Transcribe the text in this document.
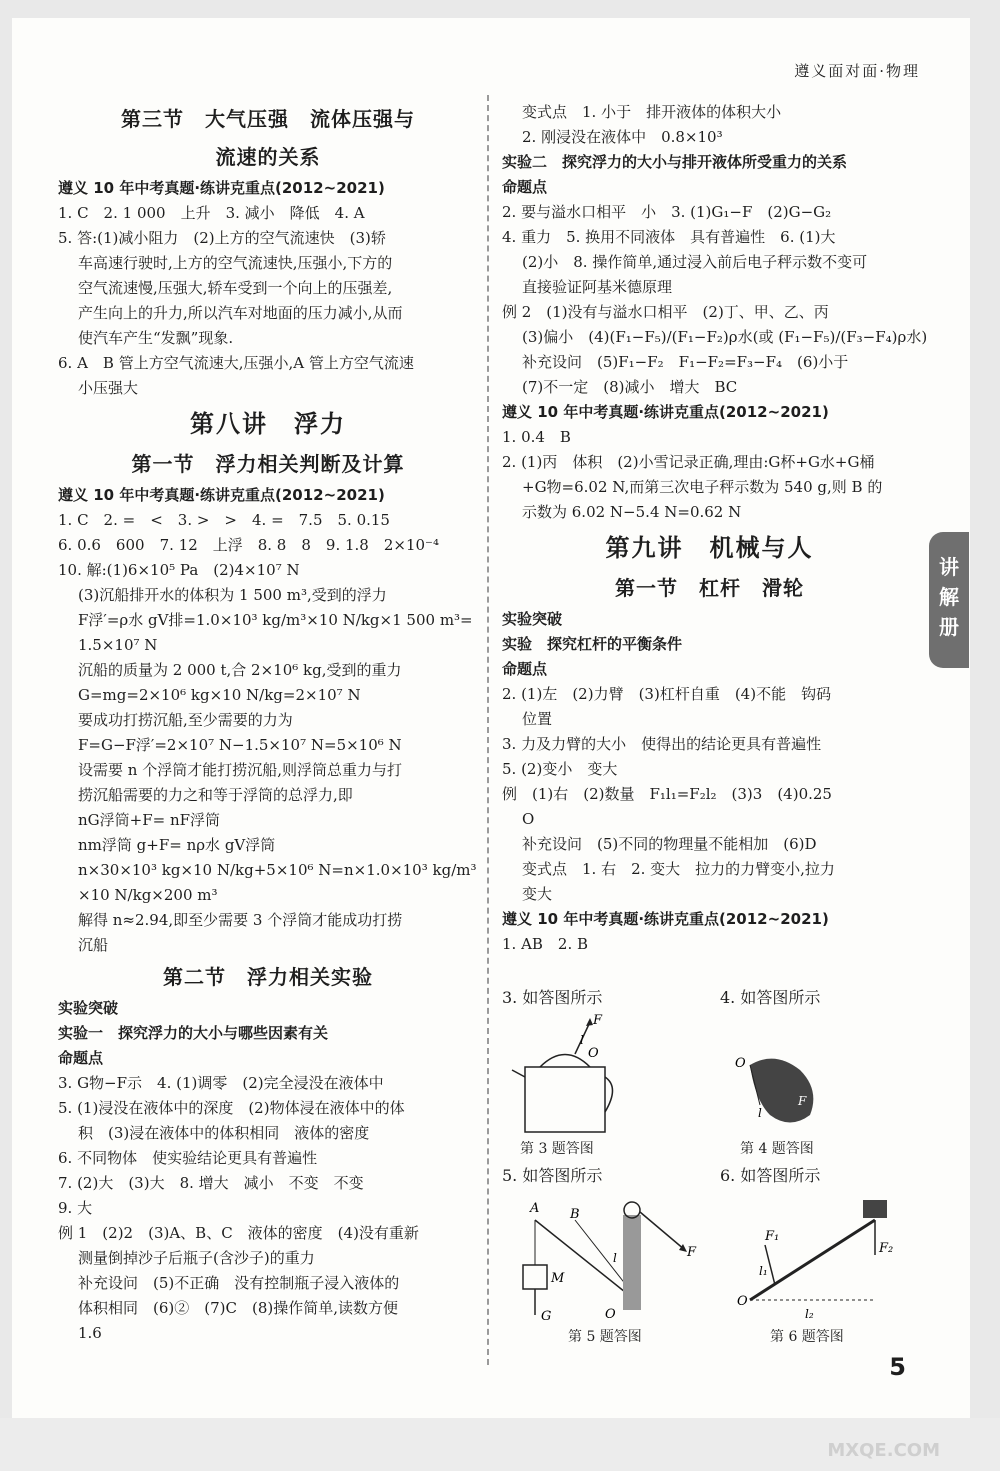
遵义面对面·物理
第三节　大气压强　流体压强与
流速的关系
遵义 10 年中考真题·练讲克重点(2012~2021)
1. C　2. 1 000　上升　3. 减小　降低　4. A
5. 答:(1)减小阻力　(2)上方的空气流速快　(3)轿
车高速行驶时,上方的空气流速快,压强小,下方的
空气流速慢,压强大,轿车受到一个向上的压强差,
产生向上的升力,所以汽车对地面的压力减小,从而
使汽车产生“发飘”现象.
6. A　B 管上方空气流速大,压强小,A 管上方空气流速
小压强大
第八讲　浮力
第一节　浮力相关判断及计算
遵义 10 年中考真题·练讲克重点(2012~2021)
1. C　2. =　<　3. >　>　4. =　7.5　5. 0.15
6. 0.6　600　7. 12　上浮　8. 8　8　9. 1.8　2×10⁻⁴
10. 解:(1)6×10⁵ Pa　(2)4×10⁷ N
(3)沉船排开水的体积为 1 500 m³,受到的浮力
F浮′=ρ水 gV排=1.0×10³ kg/m³×10 N/kg×1 500 m³=
1.5×10⁷ N
沉船的质量为 2 000 t,合 2×10⁶ kg,受到的重力
G=mg=2×10⁶ kg×10 N/kg=2×10⁷ N
要成功打捞沉船,至少需要的力为
F=G−F浮′=2×10⁷ N−1.5×10⁷ N=5×10⁶ N
设需要 n 个浮筒才能打捞沉船,则浮筒总重力与打
捞沉船需要的力之和等于浮筒的总浮力,即
nG浮筒+F= nF浮筒
nm浮筒 g+F= nρ水 gV浮筒
n×30×10³ kg×10 N/kg+5×10⁶ N=n×1.0×10³ kg/m³
×10 N/kg×200 m³
解得 n≈2.94,即至少需要 3 个浮筒才能成功打捞
沉船
第二节　浮力相关实验
实验突破
实验一　探究浮力的大小与哪些因素有关
命题点
3. G物−F示　4. (1)调零　(2)完全浸没在液体中
5. (1)浸没在液体中的深度　(2)物体浸在液体中的体
积　(3)浸在液体中的体积相同　液体的密度
6. 不同物体　使实验结论更具有普遍性
7. (2)大　(3)大　8. 增大　减小　不变　不变
9. 大
例 1　(2)2　(3)A、B、C　液体的密度　(4)没有重新
测量倒掉沙子后瓶子(含沙子)的重力
补充设问　(5)不正确　没有控制瓶子浸入液体的
体积相同　(6)②　(7)C　(8)操作简单,读数方便
1.6
变式点　1. 小于　排开液体的体积大小
2. 刚浸没在液体中　0.8×10³
实验二　探究浮力的大小与排开液体所受重力的关系
命题点
2. 要与溢水口相平　小　3. (1)G₁−F　(2)G−G₂
4. 重力　5. 换用不同液体　具有普遍性　6. (1)大
(2)小　8. 操作简单,通过浸入前后电子秤示数不变可
直接验证阿基米德原理
例 2　(1)没有与溢水口相平　(2)丁、甲、乙、丙
(3)偏小　(4)(F₁−F₅)/(F₁−F₂)ρ水(或 (F₁−F₅)/(F₃−F₄)ρ水)
补充设问　(5)F₁−F₂　F₁−F₂=F₃−F₄　(6)小于
(7)不一定　(8)减小　增大　BC
遵义 10 年中考真题·练讲克重点(2012~2021)
1. 0.4　B
2. (1)丙　体积　(2)小雪记录正确,理由:G杯+G水+G桶
+G物=6.02 N,而第三次电子秤示数为 540 g,则 B 的
示数为 6.02 N−5.4 N=0.62 N
第九讲　机械与人
第一节　杠杆　滑轮
实验突破
实验　探究杠杆的平衡条件
命题点
2. (1)左　(2)力臂　(3)杠杆自重　(4)不能　钩码
位置
3. 力及力臂的大小　使得出的结论更具有普遍性
5. (2)变小　变大
例　(1)右　(2)数量　F₁l₁=F₂l₂　(3)3　(4)0.25
O
补充设问　(5)不同的物理量不能相加　(6)D
变式点　1. 右　2. 变大　拉力的力臂变小,拉力
变大
遵义 10 年中考真题·练讲克重点(2012~2021)
1. AB　2. B
3. 如答图所示	4. 如答图所示
F
O
l
第 3 题答图
O
l
F
第 4 题答图
5. 如答图所示	6. 如答图所示
A B
M
G	O
F
l
第 5 题答图
O
F₁
F₂
l₁
l₂
第 6 题答图
讲
解
册
5
MXQE.COM
